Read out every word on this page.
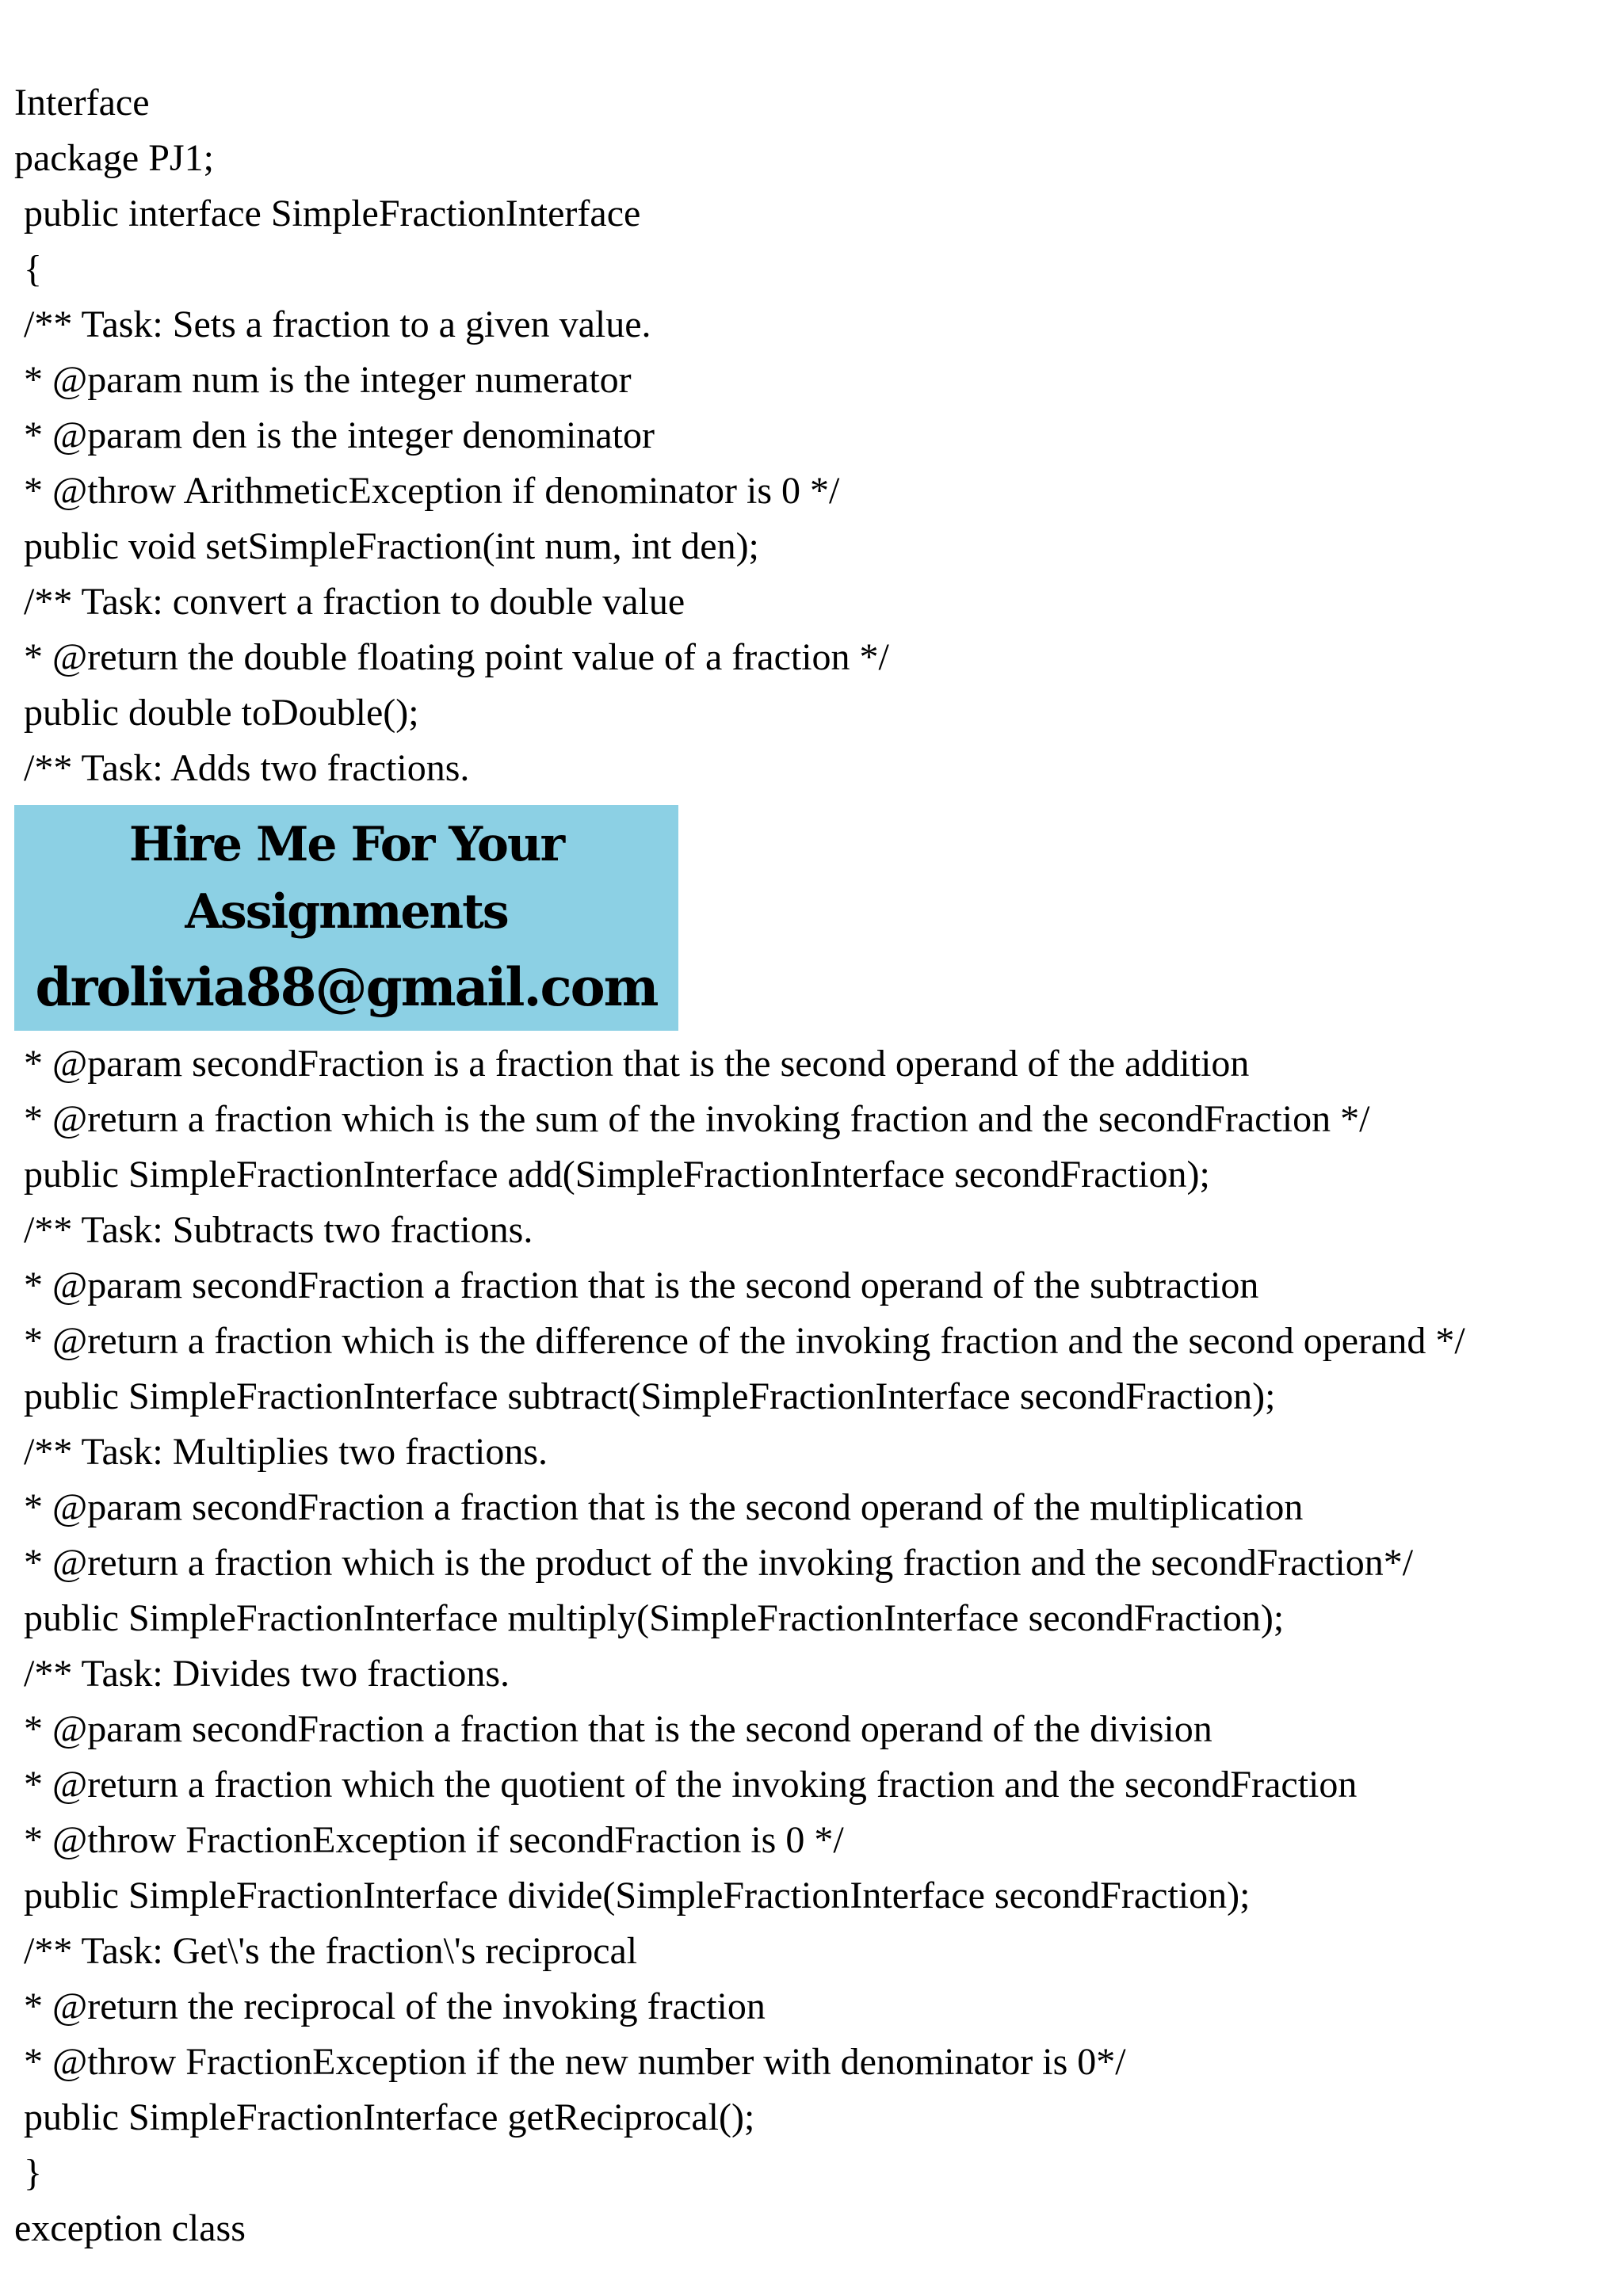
Interface
package PJ1;
public interface SimpleFractionInterface
{
/** Task: Sets a fraction to a given value.
* @param num is the integer numerator
* @param den is the integer denominator
* @throw ArithmeticException if denominator is 0 */
public void setSimpleFraction(int num, int den);
/** Task: convert a fraction to double value
* @return the double floating point value of a fraction */
public double toDouble();
/** Task: Adds two fractions.
Hire Me For Your
Assignments
drolivia88@gmail.com
* @param secondFraction is a fraction that is the second operand of the addition
* @return a fraction which is the sum of the invoking fraction and the secondFraction */
public SimpleFractionInterface add(SimpleFractionInterface secondFraction);
/** Task: Subtracts two fractions.
* @param secondFraction a fraction that is the second operand of the subtraction
* @return a fraction which is the difference of the invoking fraction and the second operand */
public SimpleFractionInterface subtract(SimpleFractionInterface secondFraction);
/** Task: Multiplies two fractions.
* @param secondFraction a fraction that is the second operand of the multiplication
* @return a fraction which is the product of the invoking fraction and the secondFraction*/
public SimpleFractionInterface multiply(SimpleFractionInterface secondFraction);
/** Task: Divides two fractions.
* @param secondFraction a fraction that is the second operand of the division
* @return a fraction which the quotient of the invoking fraction and the secondFraction
* @throw FractionException if secondFraction is 0 */
public SimpleFractionInterface divide(SimpleFractionInterface secondFraction);
/** Task: Get\'s the fraction\'s reciprocal
* @return the reciprocal of the invoking fraction
* @throw FractionException if the new number with denominator is 0*/
public SimpleFractionInterface getReciprocal();
}
exception class
